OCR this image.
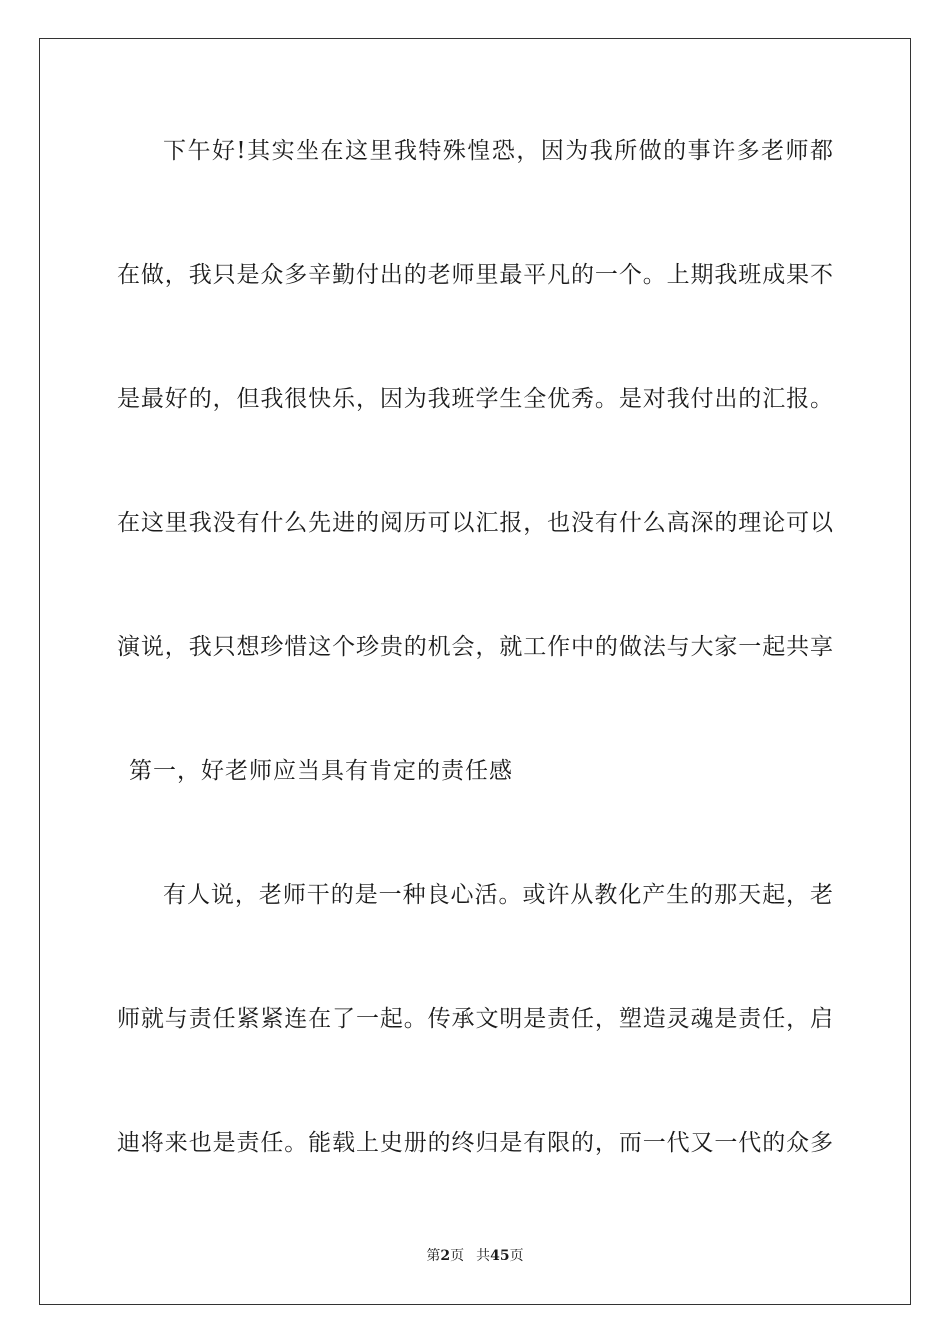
下午好!其实坐在这里我特殊惶恐，因为我所做的事许多老师都
在做，我只是众多辛勤付出的老师里最平凡的一个。上期我班成果不
是最好的，但我很快乐，因为我班学生全优秀。是对我付出的汇报。
在这里我没有什么先进的阅历可以汇报，也没有什么高深的理论可以
演说，我只想珍惜这个珍贵的机会，就工作中的做法与大家一起共享
第一，好老师应当具有肯定的责任感
有人说，老师干的是一种良心活。或许从教化产生的那天起，老
师就与责任紧紧连在了一起。传承文明是责任，塑造灵魂是责任，启
迪将来也是责任。能载上史册的终归是有限的，而一代又一代的众多
第2页 共45页
